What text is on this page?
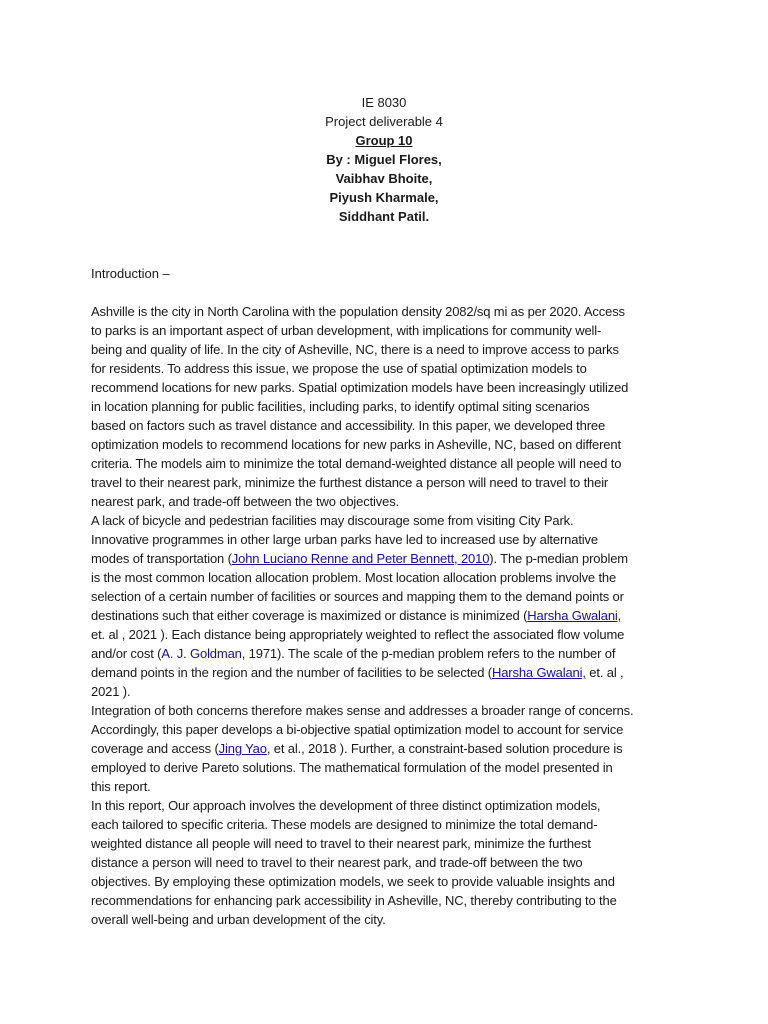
IE 8030
Project deliverable 4
Group 10
By : Miguel Flores,
Vaibhav Bhoite,
Piyush Kharmale,
Siddhant Patil.
Introduction –
Ashville is the city in North Carolina with the population density 2082/sq mi as per 2020. Access
to parks is an important aspect of urban development, with implications for community well-
being and quality of life. In the city of Asheville, NC, there is a need to improve access to parks
for residents. To address this issue, we propose the use of spatial optimization models to
recommend locations for new parks. Spatial optimization models have been increasingly utilized
in location planning for public facilities, including parks, to identify optimal siting scenarios
based on factors such as travel distance and accessibility. In this paper, we developed three
optimization models to recommend locations for new parks in Asheville, NC, based on different
criteria. The models aim to minimize the total demand-weighted distance all people will need to
travel to their nearest park, minimize the furthest distance a person will need to travel to their
nearest park, and trade-off between the two objectives.
A lack of bicycle and pedestrian facilities may discourage some from visiting City Park.
Innovative programmes in other large urban parks have led to increased use by alternative
modes of transportation (John Luciano Renne and Peter Bennett, 2010). The p-median problem
is the most common location allocation problem. Most location allocation problems involve the
selection of a certain number of facilities or sources and mapping them to the demand points or
destinations such that either coverage is maximized or distance is minimized (Harsha Gwalani,
et. al , 2021 ). Each distance being appropriately weighted to reflect the associated flow volume
and/or cost (A. J. Goldman, 1971). The scale of the p-median problem refers to the number of
demand points in the region and the number of facilities to be selected (Harsha Gwalani, et. al ,
2021 ).
Integration of both concerns therefore makes sense and addresses a broader range of concerns.
Accordingly, this paper develops a bi-objective spatial optimization model to account for service
coverage and access (Jing Yao, et al., 2018 ). Further, a constraint-based solution procedure is
employed to derive Pareto solutions. The mathematical formulation of the model presented in
this report.
In this report, Our approach involves the development of three distinct optimization models,
each tailored to specific criteria. These models are designed to minimize the total demand-
weighted distance all people will need to travel to their nearest park, minimize the furthest
distance a person will need to travel to their nearest park, and trade-off between the two
objectives. By employing these optimization models, we seek to provide valuable insights and
recommendations for enhancing park accessibility in Asheville, NC, thereby contributing to the
overall well-being and urban development of the city.
